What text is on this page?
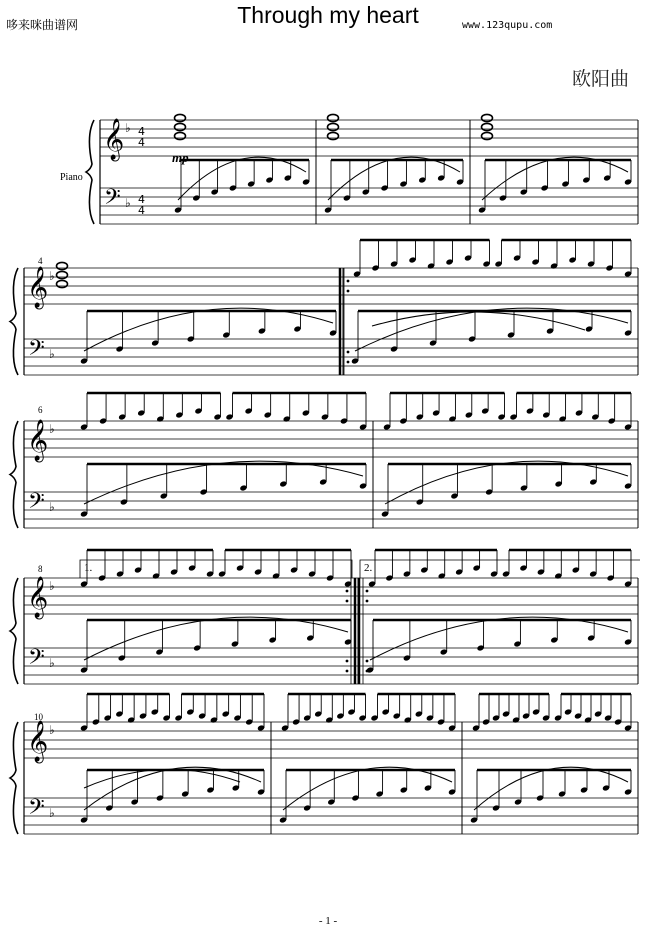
哆来咪曲谱网	Through my heart	www.123qupu.com
欧阳曲
Piano
mp
4
6
8
10
1.	2.
- 1 -
𝄞
𝄢
♭
♭
4
4
4
4
𝄞
𝄢
♭
♭
𝄞
𝄢
♭
♭
𝄞
𝄢
♭
♭
𝄞
𝄢
♭
♭
